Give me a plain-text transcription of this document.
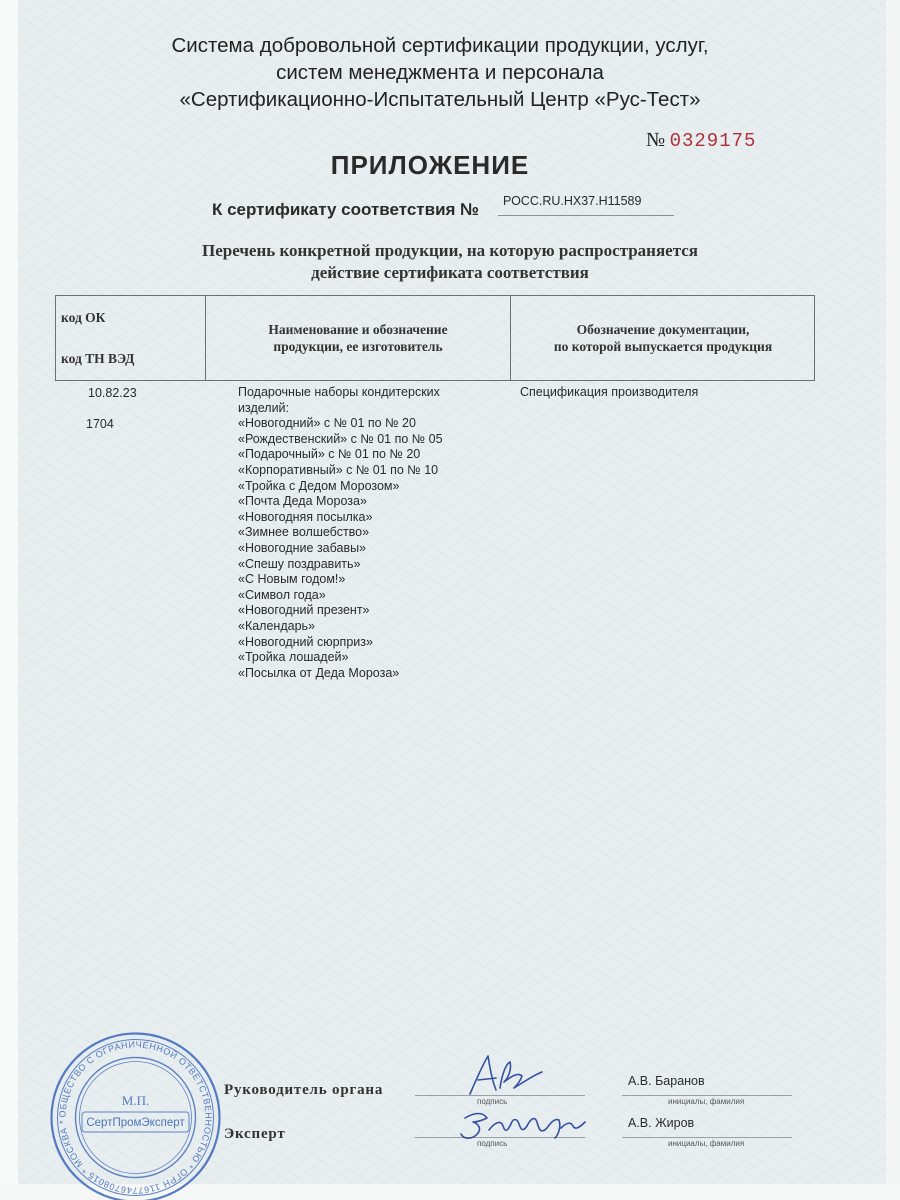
Система добровольной сертификации продукции, услуг,
систем менеджмента и персонала
«Сертификационно-Испытательный Центр «Рус-Тест»
№ 0329175
ПРИЛОЖЕНИЕ
К сертификату соответствия № РОСС.RU.НХ37.Н11589
Перечень конкретной продукции, на которую распространяется
действие сертификата соответствия
код ОК
код ТН ВЭД
Наименование и обозначение
продукции, ее изготовитель
Обозначение документации,
по которой выпускается продукция
10.82.23
1704
Подарочные наборы кондитерских
изделий:
«Новогодний» с № 01 по № 20
«Рождественский» с № 01 по № 05
«Подарочный» с № 01 по № 20
«Корпоративный» с № 01 по № 10
«Тройка с Дедом Морозом»
«Почта Деда Мороза»
«Новогодняя посылка»
«Зимнее волшебство»
«Новогодние забавы»
«Спешу поздравить»
«С Новым годом!»
«Символ года»
«Новогодний презент»
«Календарь»
«Новогодний сюрприз»
«Тройка лошадей»
«Посылка от Деда Мороза»
Спецификация производителя
ОБЩЕСТВО С ОГРАНИЧЕННОЙ ОТВЕТСТВЕННОСТЬЮ * ОГРН 1167746708015 * МОСКВА *
М.П.
СертПромЭксперт
Руководитель органа
Эксперт
подпись
подпись
инициалы, фамилия
инициалы, фамилия
А.В. Баранов
А.В. Жиров
